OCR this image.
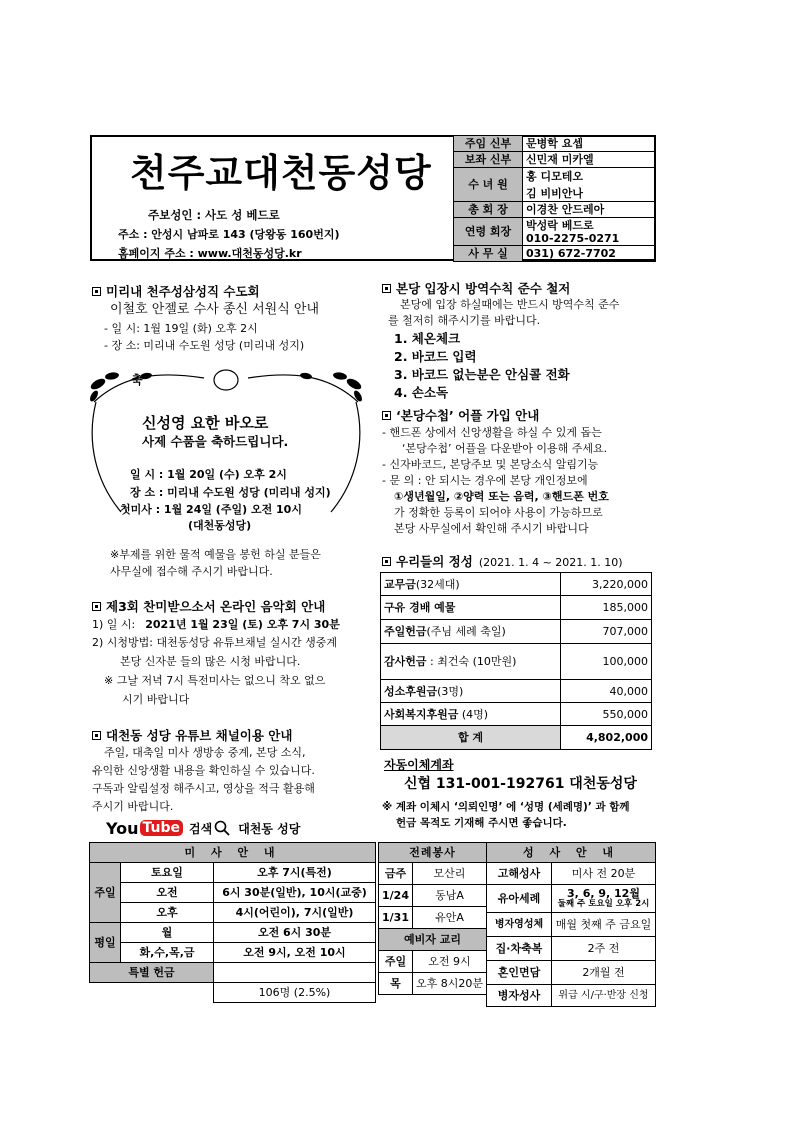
천주교대천동성당
주보성인 : 사도 성 베드로
주소 : 안성시 남파로 143 (당왕동 160번지)
홈페이지 주소 : www.대천동성당.kr
주임 신부	문병학 요셉
보좌 신부	신민재 미카엘
수 녀 원	홍 디모테오
김 비비안나

총 회 장	이경찬 안드레아
연령 회장	박성락 베드로
010-2275-0271

사 무 실	031) 672-7702
미리내 천주성삼성직 수도회
이철호 안젤로 수사 종신 서원식 안내
- 일 시: 1월 19일 (화) 오후 2시
- 장 소: 미리내 수도원 성당 (미리내 성지)
축
신성영 요한 바오로
사제 수품을 축하드립니다.
일 시 : 1월 20일 (수) 오후 2시
장 소 : 미리내 수도원 성당 (미리내 성지)
첫미사 : 1월 24일 (주일) 오전 10시
(대천동성당)
※부제를 위한 물적 예물을 봉헌 하실 분들은
사무실에 접수해 주시기 바랍니다.
제3회 찬미받으소서 온라인 음악회 안내
1) 일 시: 2021년 1월 23일 (토) 오후 7시 30분
2) 시청방법: 대천동성당 유튜브채널 실시간 생중계
본당 신자분 들의 많은 시청 바랍니다.
※ 그날 저녁 7시 특전미사는 없으니 착오 없으
시기 바랍니다
대천동 성당 유튜브 채널이용 안내
주일, 대축일 미사 생방송 중계, 본당 소식,
유익한 신앙생활 내용을 확인하실 수 있습니다.
구독과 알림설정 해주시고, 영상을 적극 활용해
주시기 바랍니다.
You Tube 검색 대천동 성당
본당 입장시 방역수칙 준수 철저
본당에 입장 하실때에는 반드시 방역수칙 준수
를 철저히 해주시기를 바랍니다.
1. 체온체크
2. 바코드 입력
3. 바코드 없는분은 안심콜 전화
4. 손소독
‘본당수첩’ 어플 가입 안내
- 핸드폰 상에서 신앙생활을 하실 수 있게 돕는
‘본당수첩’ 어플을 다운받아 이용해 주세요.
- 신자바코드, 본당주보 및 본당소식 알림기능
- 문 의 : 안 되시는 경우에 본당 개인정보에
①생년월일, ②양력 또는 음력, ③핸드폰 번호
가 정확한 등록이 되어야 사용이 가능하므로
본당 사무실에서 확인해 주시기 바랍니다
우리들의 정성 (2021. 1. 4 ~ 2021. 1. 10)
교무금(32세대)	3,220,000
구유 경배 예물	185,000
주일헌금(주님 세례 축일)	707,000
감사헌금 : 최건숙 (10만원)	100,000
성소후원금(3명)	40,000
사회복지후원금 (4명)	550,000
합 계	4,802,000
자동이체계좌
신협 131-001-192761 대천동성당
※ 계좌 이체시 ‘의뢰인명’ 에 ‘성명 (세례명)’ 과 함께
헌금 목적도 기재해 주시면 좋습니다.
미 사 안 내		
주일	토요일	오후 7시(특전)
	오전	6시 30분(일반), 10시(교중)
	오후	4시(어린이), 7시(일반)
평일	월	오전 6시 30분
	화,수,목,금	오전 9시, 오전 10시
특별 헌금		
		106명 (2.5%)
전례봉사	
금주	모산리
1/24	동남A
1/31	유안A
예비자 교리	
주일	오전 9시
목	오후 8시20분
성 사 안 내	
고해성사	미사 전 20분
유아세례	3, 6, 9, 12월
둘째 주 토요일 오후 2시

병자영성체	매월 첫째 주 금요일
집·차축복	2주 전
혼인면담	2개월 전
병자성사	위급 시/구·반장 신청
